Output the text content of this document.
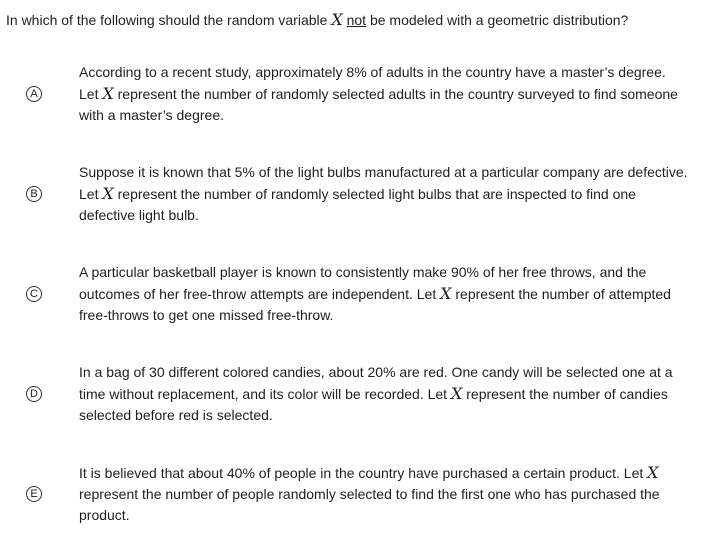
In which of the following should the random variable X not be modeled with a geometric distribution?
A
According to a recent study, approximately 8% of adults in the country have a master’s degree. Let X represent the number of randomly selected adults in the country surveyed to find someone with a master’s degree.
B
Suppose it is known that 5% of the light bulbs manufactured at a particular company are defective. Let X represent the number of randomly selected light bulbs that are inspected to find one defective light bulb.
C
A particular basketball player is known to consistently make 90% of her free throws, and the outcomes of her free-throw attempts are independent. Let X represent the number of attempted free-throws to get one missed free-throw.
D
In a bag of 30 different colored candies, about 20% are red. One candy will be selected one at a time without replacement, and its color will be recorded. Let X represent the number of candies selected before red is selected.
E
It is believed that about 40% of people in the country have purchased a certain product. Let X represent the number of people randomly selected to find the first one who has purchased the product.
